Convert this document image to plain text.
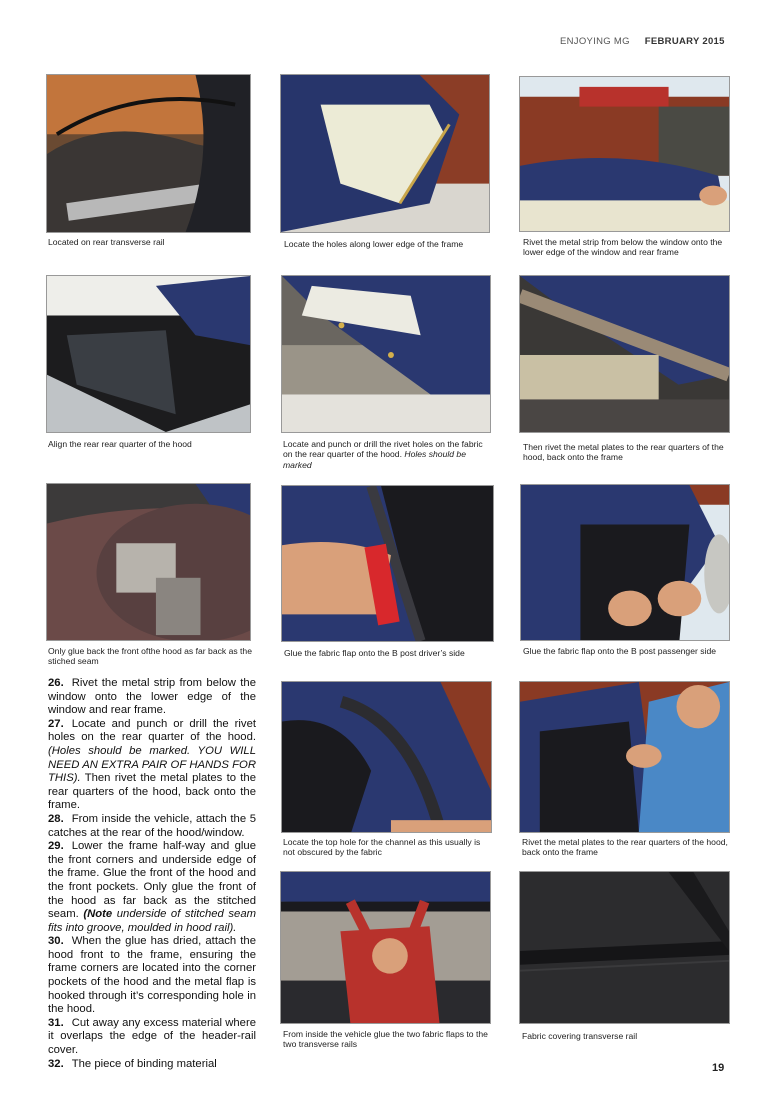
ENJOYING MG FEBRUARY 2015
Located on rear transverse rail	Locate the holes along lower edge of the frame	Rivet the metal strip from below the window onto the lower edge of the window and rear frame
Align the rear rear quarter of the hood	Locate and punch or drill the rivet holes on the fabric on the rear quarter of the hood. Holes should be marked
Then rivet the metal plates to the rear quarters of the hood, back onto the frame
Only glue back the front ofthe hood as far back as the stiched seam
Glue the fabric flap onto the B post driver’s side	Glue the fabric flap onto the B post passenger side

26. Rivet the metal strip from below the window onto the lower edge of the window and rear frame.

27. Locate and punch or drill the rivet holes on the rear quarter of the hood. (Holes should be marked. YOU WILL NEED AN EXTRA PAIR OF HANDS FOR THIS). Then rivet the metal plates to the rear quarters of the hood, back onto the frame.

28. From inside the vehicle, attach the 5 catches at the rear of the hood/window.

29. Lower the frame half-way and glue the front corners and underside edge of the frame. Glue the front of the hood and the front pockets. Only glue the front of the hood as far back as the stitched seam. (Note underside of stitched seam fits into groove, moulded in hood rail).

30. When the glue has dried, attach the hood front to the frame, ensuring the frame corners are located into the corner pockets of the hood and the metal flap is hooked through it’s corresponding hole in the hood.

31. Cut away any excess material where it overlaps the edge of the header-rail cover.

32. The piece of binding material

Locate the top hole for the channel as this usually is not obscured by the fabric
Rivet the metal plates to the rear quarters of the hood, back onto the frame
From inside the vehicle glue the two fabric flaps to the two transverse rails
Fabric covering transverse rail
19
